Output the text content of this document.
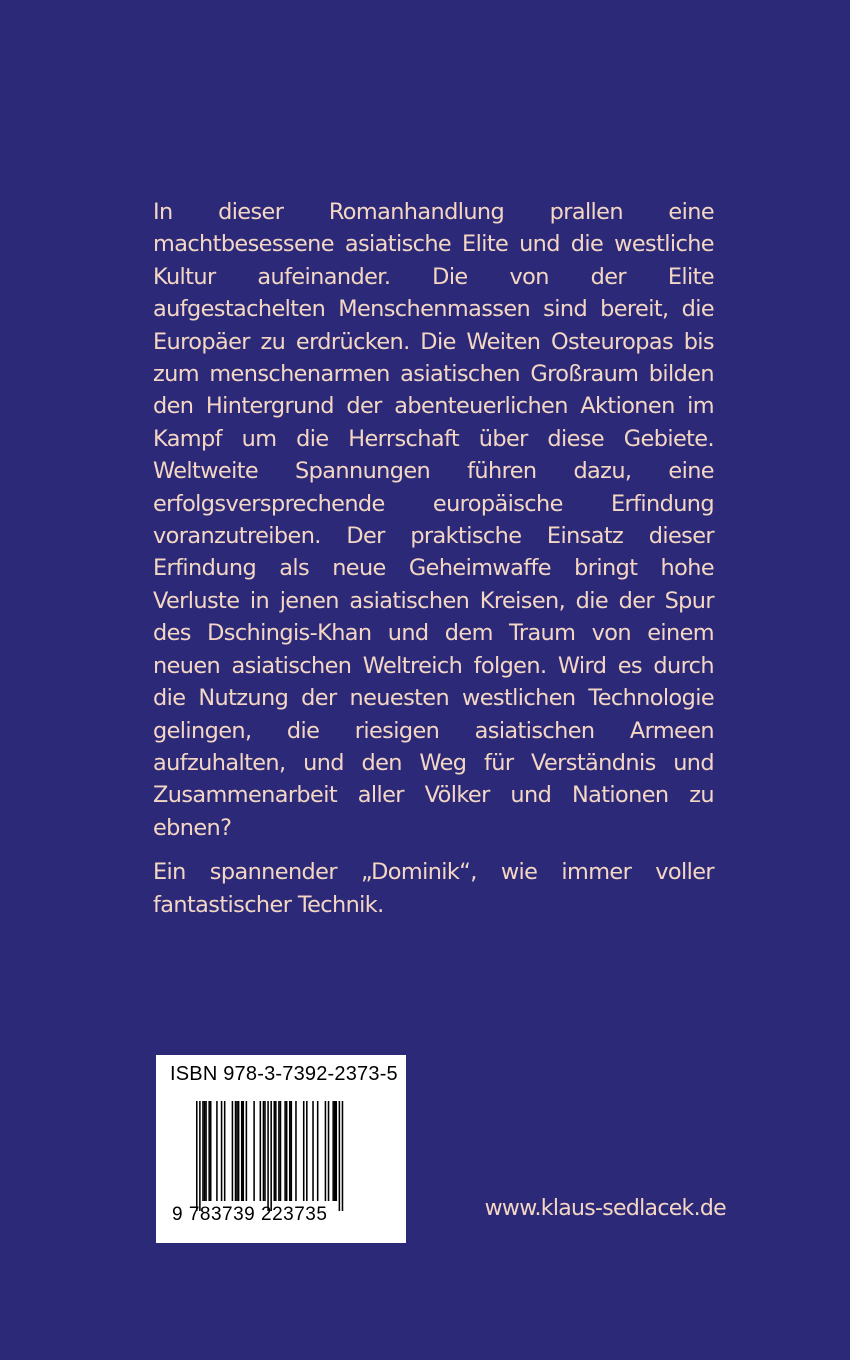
In dieser Romanhandlung prallen eine machtbesessene asiatische Elite und die westliche Kultur aufeinander. Die von der Elite aufgestachelten Menschenmassen sind bereit, die Europäer zu erdrücken. Die Weiten Osteuropas bis zum menschenarmen asiatischen Großraum bilden den Hintergrund der abenteuerlichen Aktionen im Kampf um die Herrschaft über diese Gebiete. Weltweite Spannungen führen dazu, eine erfolgsversprechende europäische Erfindung voranzutreiben. Der praktische Einsatz dieser Erfindung als neue Geheimwaffe bringt hohe Verluste in jenen asiatischen Kreisen, die der Spur des Dschingis-Khan und dem Traum von einem neuen asiatischen Weltreich folgen. Wird es durch die Nutzung der neuesten westlichen Technologie gelingen, die riesigen asiatischen Armeen aufzuhalten, und den Weg für Verständnis und Zusammenarbeit aller Völker und Nationen zu ebnen?

Ein spannender „Dominik“, wie immer voller fantastischer Technik.

ISBN 978-3-7392-2373-5
9 783739 223735	www.klaus-sedlacek.de
